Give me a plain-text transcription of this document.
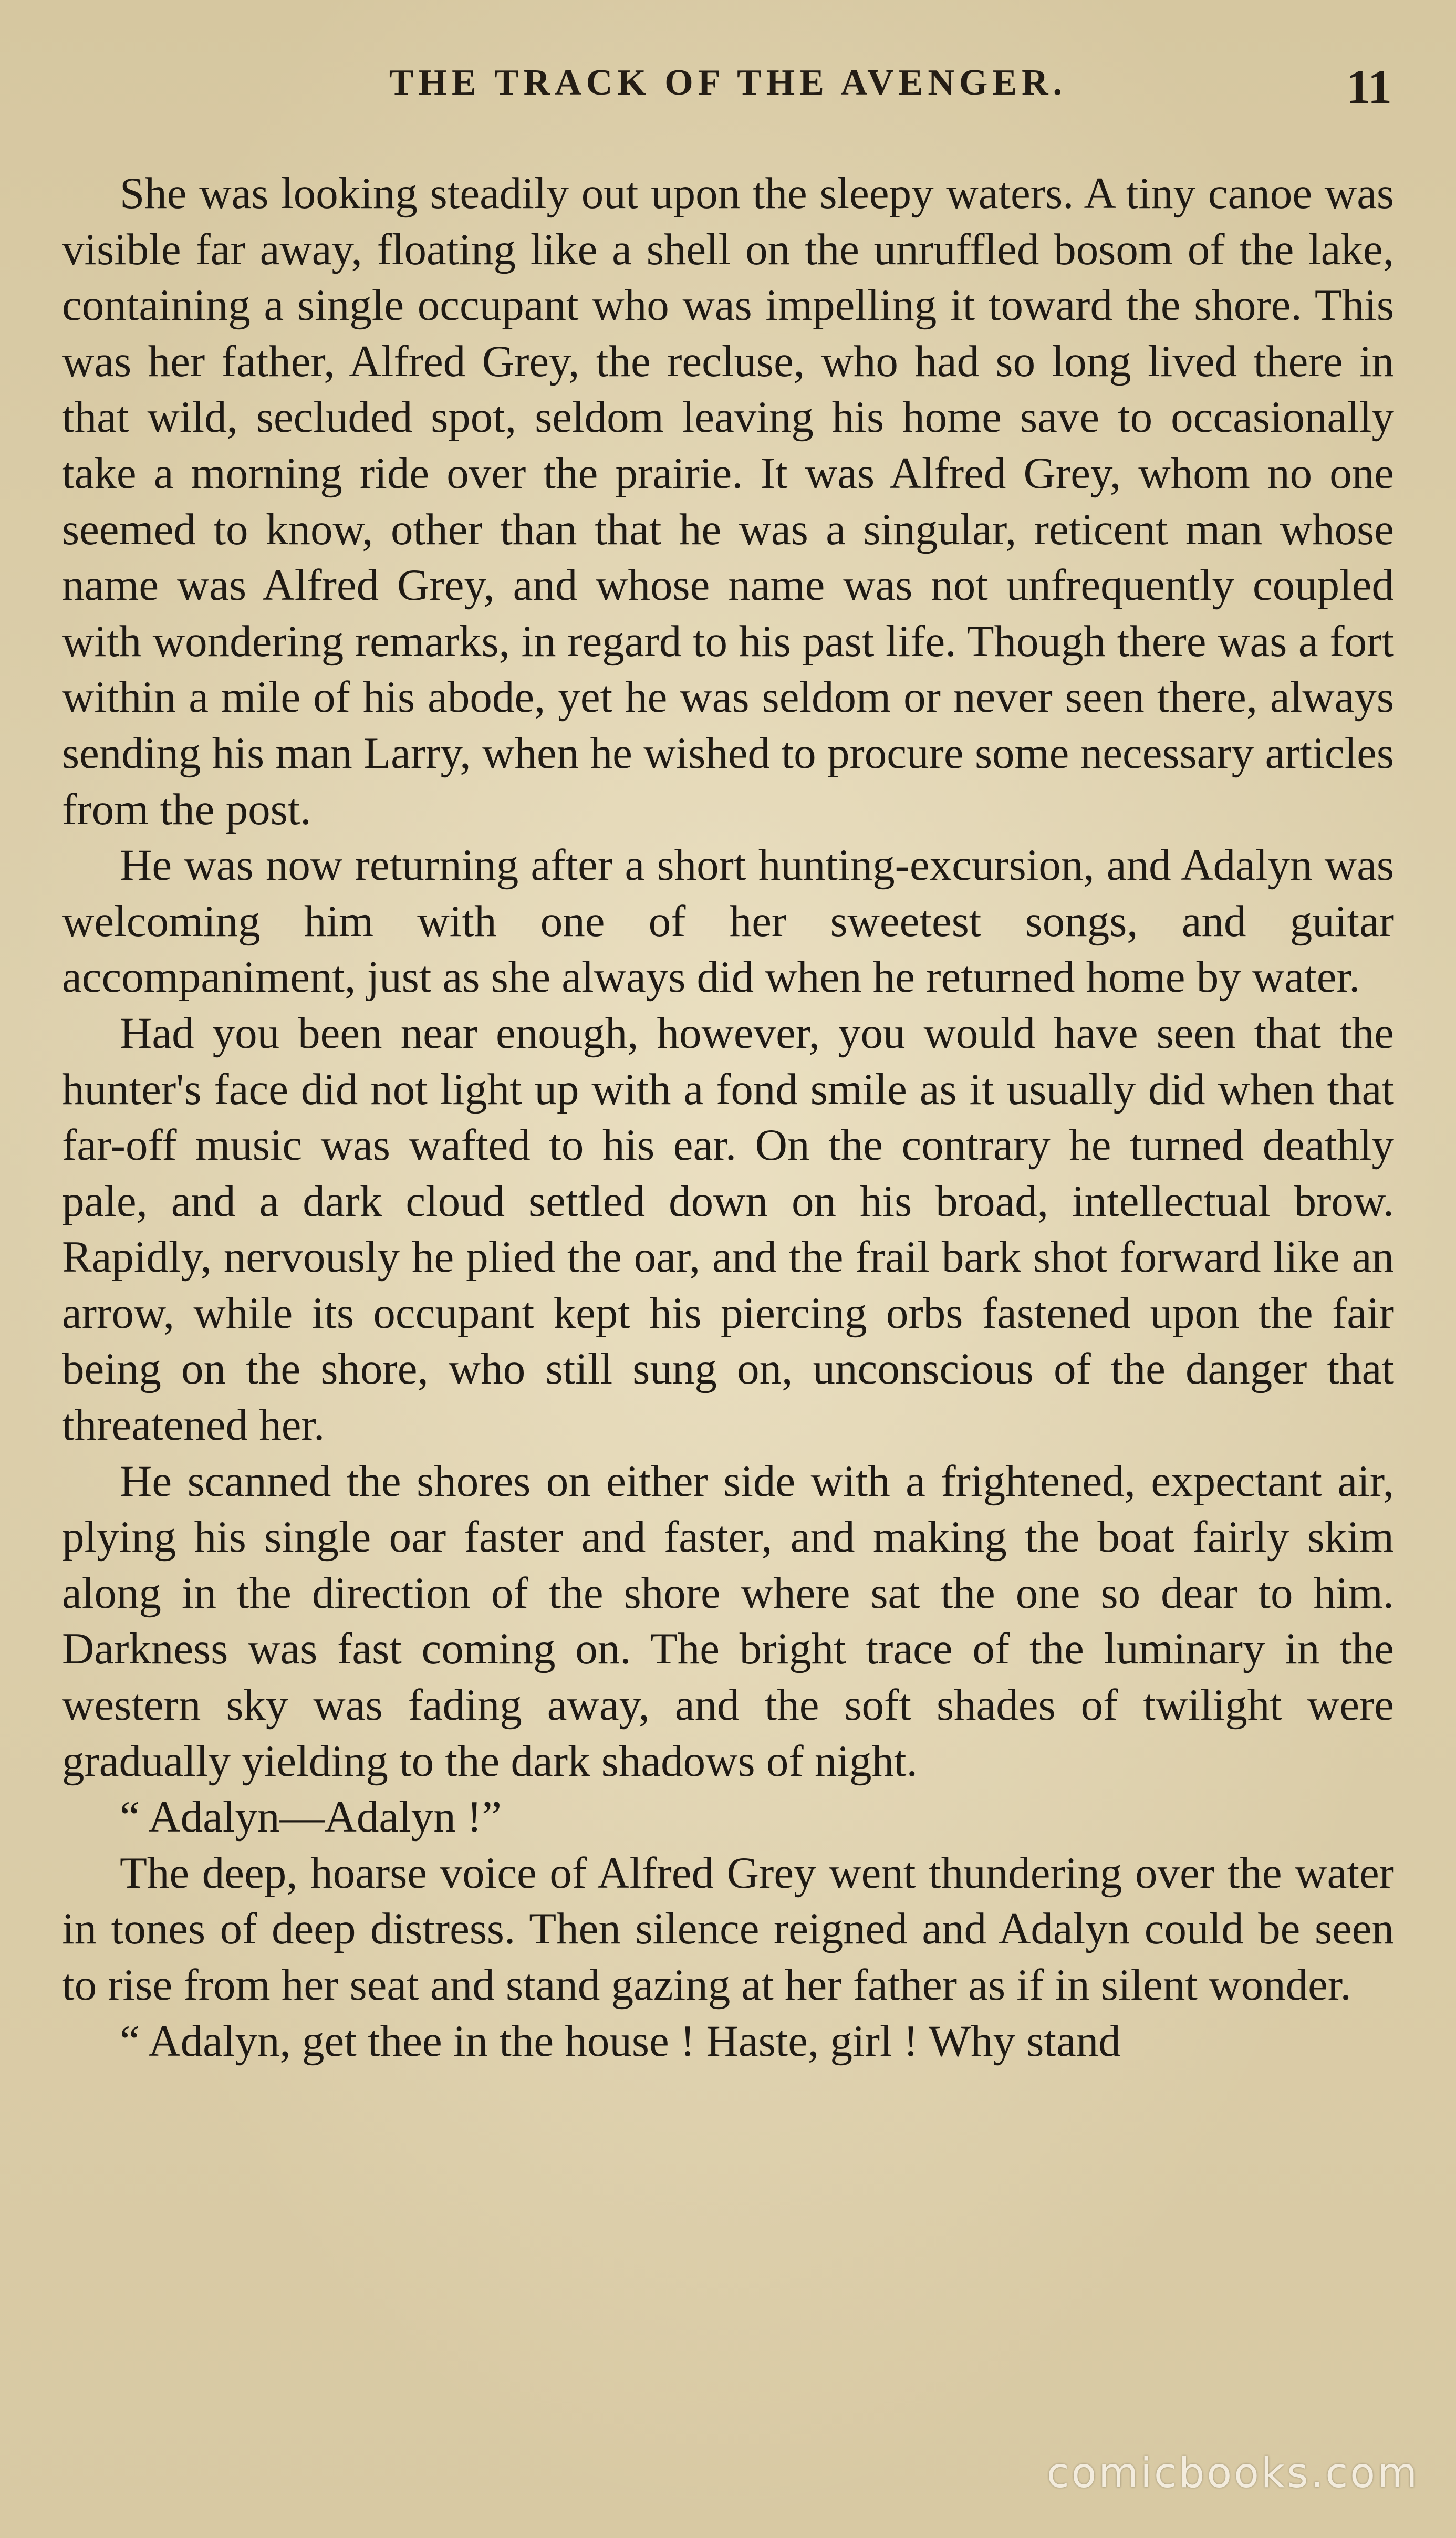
THE TRACK OF THE AVENGER.	11

She was looking steadily out upon the sleepy waters. A tiny canoe was visible far away, floating like a shell on the unruffled bosom of the lake, containing a single occupant who was impelling it toward the shore. This was her father, Alfred Grey, the recluse, who had so long lived there in that wild, secluded spot, seldom leaving his home save to occasionally take a morning ride over the prairie. It was Alfred Grey, whom no one seemed to know, other than that he was a singular, reticent man whose name was Alfred Grey, and whose name was not unfrequently coupled with wondering remarks, in regard to his past life. Though there was a fort within a mile of his abode, yet he was seldom or never seen there, always sending his man Larry, when he wished to procure some necessary articles from the post.

He was now returning after a short hunting-excursion, and Adalyn was welcoming him with one of her sweetest songs, and guitar accompaniment, just as she always did when he returned home by water.

Had you been near enough, however, you would have seen that the hunter's face did not light up with a fond smile as it usually did when that far-off music was wafted to his ear. On the contrary he turned deathly pale, and a dark cloud settled down on his broad, intellectual brow. Rapidly, nervously he plied the oar, and the frail bark shot forward like an arrow, while its occupant kept his piercing orbs fastened upon the fair being on the shore, who still sung on, unconscious of the danger that threatened her.

He scanned the shores on either side with a frightened, expectant air, plying his single oar faster and faster, and making the boat fairly skim along in the direction of the shore where sat the one so dear to him. Darkness was fast coming on. The bright trace of the luminary in the western sky was fading away, and the soft shades of twilight were gradually yielding to the dark shadows of night.

“ Adalyn—Adalyn !”

The deep, hoarse voice of Alfred Grey went thundering over the water in tones of deep distress. Then silence reigned and Adalyn could be seen to rise from her seat and stand gazing at her father as if in silent wonder.

“ Adalyn, get thee in the house ! Haste, girl ! Why stand

comicbooks.com
